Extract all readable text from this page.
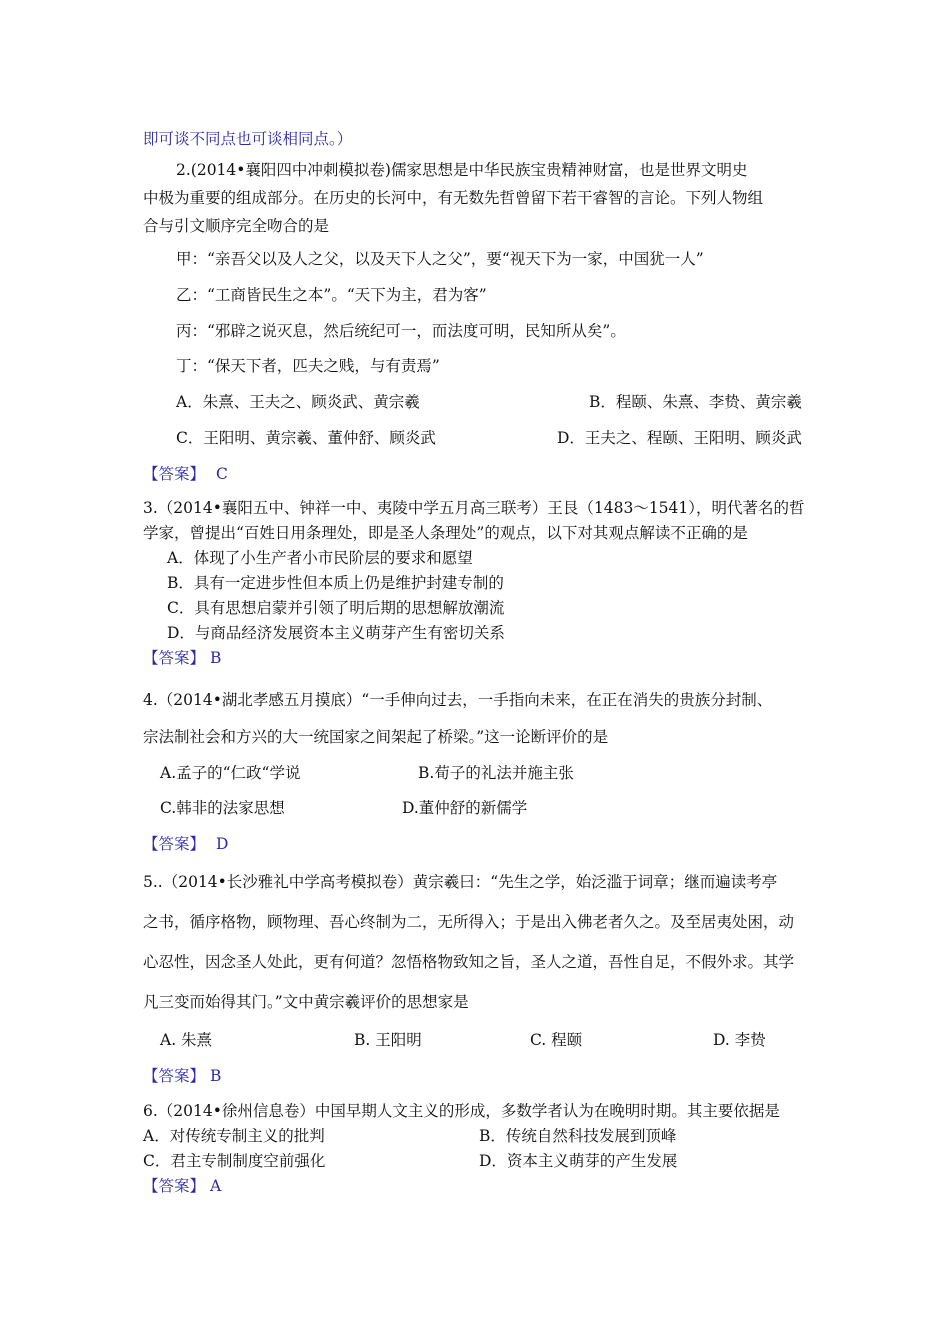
即可谈不同点也可谈相同点。）
2.(2014•襄阳四中冲刺模拟卷)儒家思想是中华民族宝贵精神财富，也是世界文明史
中极为重要的组成部分。在历史的长河中，有无数先哲曾留下若干睿智的言论。下列人物组
合与引文顺序完全吻合的是
甲：“亲吾父以及人之父，以及天下人之父”，要“视天下为一家，中国犹一人”
乙：“工商皆民生之本”。“天下为主，君为客”
丙：“邪辟之说灭息，然后统纪可一，而法度可明，民知所从矣”。
丁：“保天下者，匹夫之贱，与有责焉”
A．朱熹、王夫之、顾炎武、黄宗羲	B．程颐、朱熹、李贽、黄宗羲
C．王阳明、黄宗羲、董仲舒、顾炎武	D．王夫之、程颐、王阳明、顾炎武
【答案】 C
3.（2014•襄阳五中、钟祥一中、夷陵中学五月高三联考）王艮（1483～1541），明代著名的哲
学家，曾提出“百姓日用条理处，即是圣人条理处”的观点，以下对其观点解读不正确的是
A．体现了小生产者小市民阶层的要求和愿望
B．具有一定进步性但本质上仍是维护封建专制的
C．具有思想启蒙并引领了明后期的思想解放潮流
D．与商品经济发展资本主义萌芽产生有密切关系
【答案】 B
4.（2014•湖北孝感五月摸底）“一手伸向过去，一手指向未来，在正在消失的贵族分封制、
宗法制社会和方兴的大一统国家之间架起了桥梁。”这一论断评价的是
A.孟子的“仁政“学说	B.荀子的礼法并施主张
C.韩非的法家思想	D.董仲舒的新儒学
【答案】 D
5..（2014•长沙雅礼中学高考模拟卷）黄宗羲曰：“先生之学，始泛滥于词章；继而遍读考亭
之书，循序格物，顾物理、吾心终制为二，无所得入；于是出入佛老者久之。及至居夷处困，动
心忍性，因念圣人处此，更有何道？忽悟格物致知之旨，圣人之道，吾性自足，不假外求。其学
凡三变而始得其门。”文中黄宗羲评价的思想家是
A. 朱熹	B. 王阳明	C. 程颐	D. 李贽
【答案】 B
6.（2014•徐州信息卷）中国早期人文主义的形成，多数学者认为在晚明时期。其主要依据是
A．对传统专制主义的批判	B．传统自然科技发展到顶峰
C．君主专制制度空前强化	D．资本主义萌芽的产生发展
【答案】 A
